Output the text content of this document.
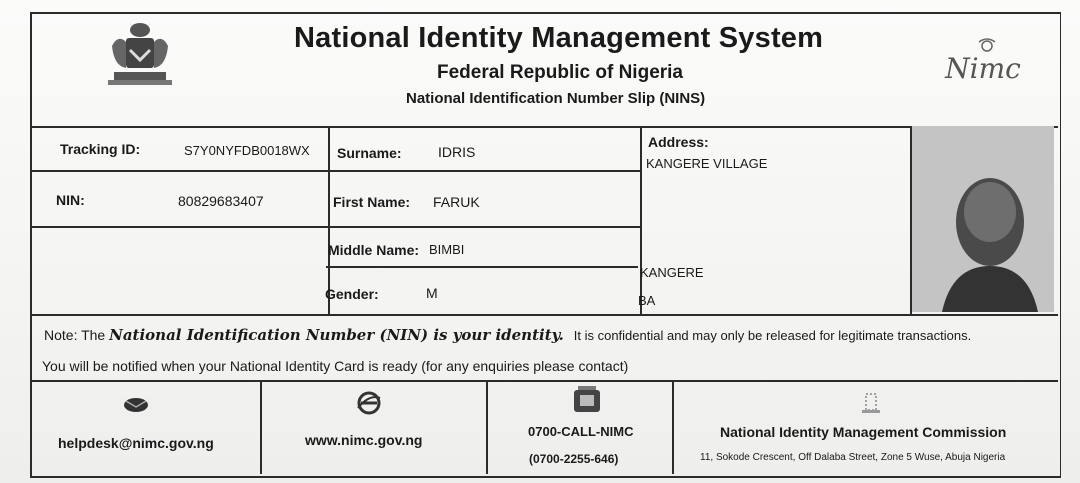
National Identity Management System
Federal Republic of Nigeria
National Identification Number Slip (NINS)
Nimc
Tracking ID:	S7Y0NYFDB0018WX
NIN:	80829683407
Surname:	IDRIS
First Name: FARUK
Middle Name: BIMBI
Gender:	M
Address:
KANGERE VILLAGE
KANGERE
BA
Note: The National Identification Number (NIN) is your identity. It is confidential and may only be released for legitimate transactions.
You will be notified when your National Identity Card is ready (for any enquiries please contact)
helpdesk@nimc.gov.ng	www.nimc.gov.ng
0700-CALL-NIMC
(0700-2255-646)
National Identity Management Commission
11, Sokode Crescent, Off Dalaba Street, Zone 5 Wuse, Abuja Nigeria
